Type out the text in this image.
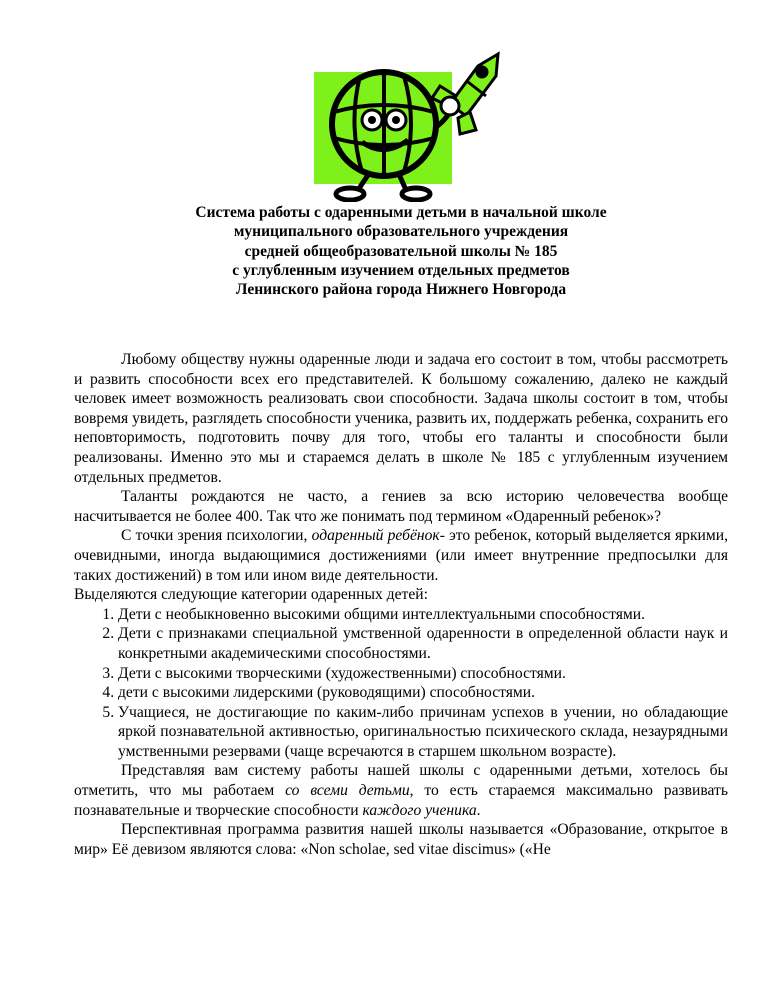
Система работы с одаренными детьми в начальной школе
муниципального образовательного учреждения
средней общеобразовательной школы № 185
с углубленным изучением отдельных предметов
Ленинского района города Нижнего Новгорода

Любому обществу нужны одаренные люди и задача его состоит в том, чтобы рассмотреть и развить способности всех его представителей. К большому сожалению, далеко не каждый человек имеет возможность реализовать свои способности. Задача школы состоит в том, чтобы вовремя увидеть, разглядеть способности ученика, развить их, поддержать ребенка, сохранить его неповторимость, подготовить почву для того, чтобы его таланты и способности были реализованы. Именно это мы и стараемся делать в школе № 185 с углубленным изучением отдельных предметов.

Таланты рождаются не часто, а гениев за всю историю человечества вообще насчитывается не более 400. Так что же понимать под термином «Одаренный ребенок»?

С точки зрения психологии, одаренный ребёнок- это ребенок, который выделяется яркими, очевидными, иногда выдающимися достижениями (или имеет внутренние предпосылки для таких достижений) в том или ином виде деятельности.

Выделяются следующие категории одаренных детей:

1. Дети с необыкновенно высокими общими интеллектуальными способностями.
2. Дети с признаками специальной умственной одаренности в определенной области наук и конкретными академическими способностями.
3. Дети с высокими творческими (художественными) способностями.
4. дети с высокими лидерскими (руководящими) способностями.
5. Учащиеся, не достигающие по каким-либо причинам успехов в учении, но обладающие яркой познавательной активностью, оригинальностью психического склада, незаурядными умственными резервами (чаще всречаются в старшем школьном возрасте).

Представляя вам систему работы нашей школы с одаренными детьми, хотелось бы отметить, что мы работаем со всеми детьми, то есть стараемся максимально развивать познавательные и творческие способности каждого ученика.

Перспективная программа развития нашей школы называется «Образование, открытое в мир» Её девизом являются слова: «Non scholae, sed vitae discimus» («Не
